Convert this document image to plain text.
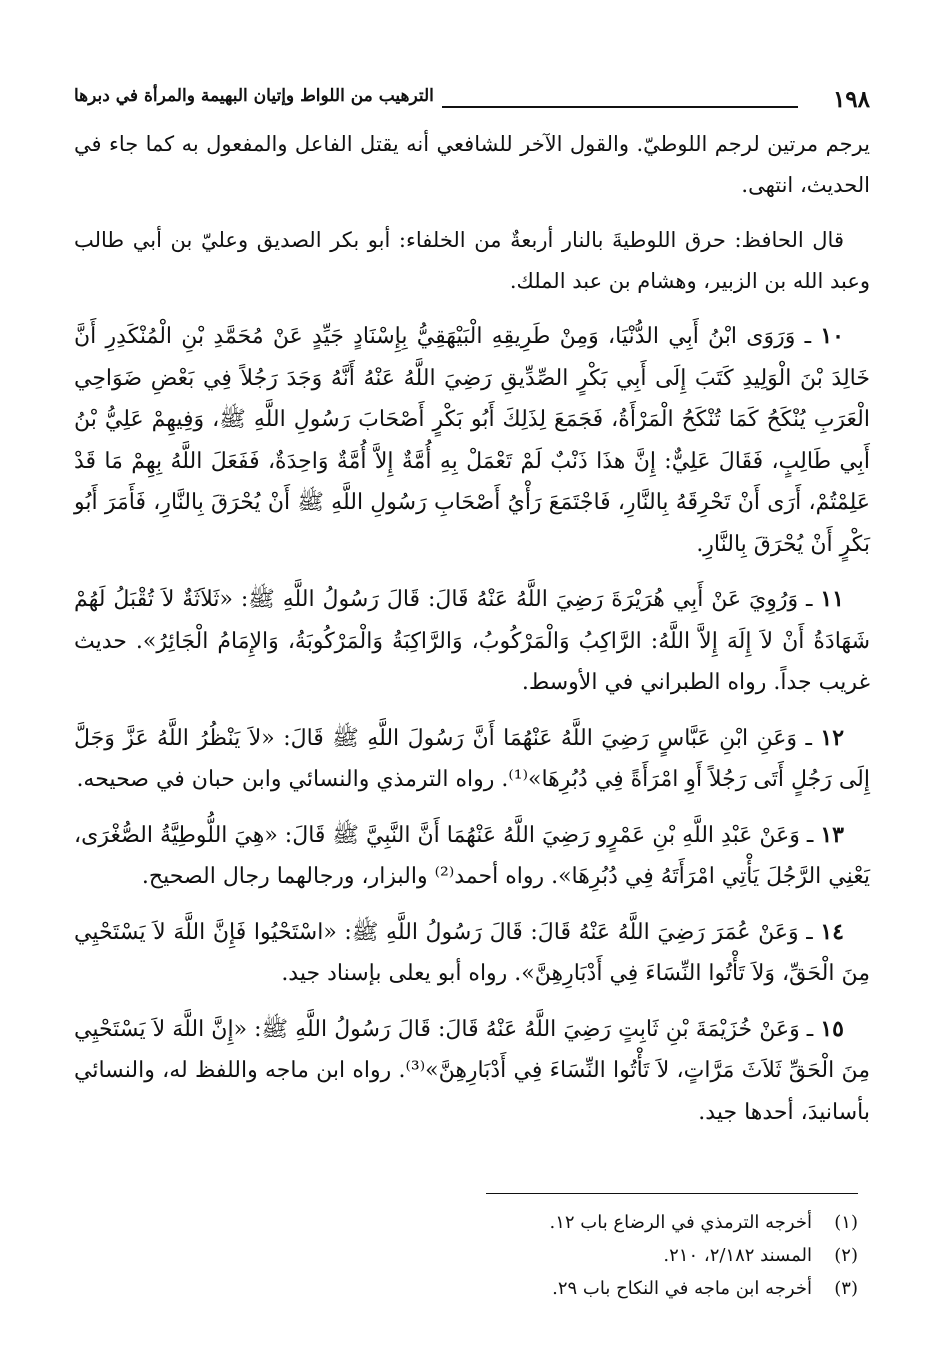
١٩٨
الترهيب من اللواط وإتيان البهيمة والمرأة في دبرها

يرجم مرتين لرجم اللوطيّ. والقول الآخر للشافعي أنه يقتل الفاعل والمفعول به كما جاء في الحديث، انتهى.

قال الحافظ: حرق اللوطيةَ بالنار أربعةٌ من الخلفاء: أبو بكر الصديق وعليّ بن أبي طالب وعبد الله بن الزبير، وهشام بن عبد الملك.

١٠ ـ وَرَوَى ابْنُ أَبِي الدُّنْيَا، وَمِنْ طَرِيقِهِ الْبَيْهَقِيُّ بِإِسْنَادٍ جَيِّدٍ عَنْ مُحَمَّدِ بْنِ الْمُنْكَدِرِ أَنَّ خَالِدَ بْنَ الْوَلِيدِ كَتَبَ إِلَى أَبِي بَكْرٍ الصِّدِّيقِ رَضِيَ اللَّهُ عَنْهُ أَنَّهُ وَجَدَ رَجُلاً فِي بَعْضِ ضَوَاحِي الْعَرَبِ يُنْكَحُ كَمَا تُنْكَحُ الْمَرْأَةُ، فَجَمَعَ لِذَلِكَ أَبُو بَكْرٍ أَصْحَابَ رَسُولِ اللَّهِ ﷺ، وَفِيهِمْ عَلِيُّ بْنُ أَبِي طَالِبٍ، فَقَالَ عَلِيٌّ: إِنَّ هذَا ذَنْبٌ لَمْ تَعْمَلْ بِهِ أُمَّةٌ إِلاَّ أُمَّةٌ وَاحِدَةٌ، فَفَعَلَ اللَّهُ بِهِمْ مَا قَدْ عَلِمْتُمْ، أَرَى أَنْ تَحْرِقَهُ بِالنَّارِ، فَاجْتَمَعَ رَأْيُ أَصْحَابِ رَسُولِ اللَّهِ ﷺ أَنْ يُحْرَقَ بِالنَّارِ، فَأَمَرَ أَبُو بَكْرٍ أَنْ يُحْرَقَ بِالنَّارِ.

١١ ـ وَرُوِيَ عَنْ أَبِي هُرَيْرَةَ رَضِيَ اللَّهُ عَنْهُ قَالَ: قَالَ رَسُولُ اللَّهِ ﷺ: «ثَلاَثَةٌ لاَ تُقْبَلُ لَهُمْ شَهَادَةُ أَنْ لاَ إِلَهَ إِلاَّ اللَّهُ: الرَّاكِبُ وَالْمَرْكُوبُ، وَالرَّاكِبَةُ وَالْمَرْكُوبَةُ، وَالإِمَامُ الْجَائِرُ». حديث غريب جداً. رواه الطبراني في الأوسط.

١٢ ـ وَعَنِ ابْنِ عَبَّاسٍ رَضِيَ اللَّهُ عَنْهُمَا أَنَّ رَسُولَ اللَّهِ ﷺ قَالَ: «لاَ يَنْظُرُ اللَّهُ عَزَّ وَجَلَّ إِلَى رَجُلٍ أَتَى رَجُلاً أَوِ امْرَأَةً فِي دُبُرِهَا»⁽¹⁾. رواه الترمذي والنسائي وابن حبان في صحيحه.

١٣ ـ وَعَنْ عَبْدِ اللَّهِ بْنِ عَمْرٍو رَضِيَ اللَّهُ عَنْهُمَا أَنَّ النَّبِيَّ ﷺ قَالَ: «هِيَ اللُّوطِيَّةُ الصُّغْرَى، يَعْنِي الرَّجُلَ يَأْتِي امْرَأَتَهُ فِي دُبُرِهَا». رواه أحمد⁽²⁾ والبزار، ورجالهما رجال الصحيح.

١٤ ـ وَعَنْ عُمَرَ رَضِيَ اللَّهُ عَنْهُ قَالَ: قَالَ رَسُولُ اللَّهِ ﷺ: «اسْتَحْيُوا فَإِنَّ اللَّهَ لاَ يَسْتَحْيِي مِنَ الْحَقِّ، وَلاَ تَأْتُوا النِّسَاءَ فِي أَدْبَارِهِنَّ». رواه أبو يعلى بإسناد جيد.

١٥ ـ وَعَنْ خُزَيْمَةَ بْنِ ثَابِتٍ رَضِيَ اللَّهُ عَنْهُ قَالَ: قَالَ رَسُولُ اللَّهِ ﷺ: «إِنَّ اللَّهَ لاَ يَسْتَحْيِي مِنَ الْحَقِّ ثَلاَثَ مَرَّاتٍ، لاَ تَأْتُوا النِّسَاءَ فِي أَدْبَارِهِنَّ»⁽³⁾. رواه ابن ماجه واللفظ له، والنسائي بأسانيدَ، أحدها جيد.

(١)أخرجه الترمذي في الرضاع باب ١٢.
(٢)المسند ٢/١٨٢، ٢١٠.
(٣)أخرجه ابن ماجه في النكاح باب ٢٩.
